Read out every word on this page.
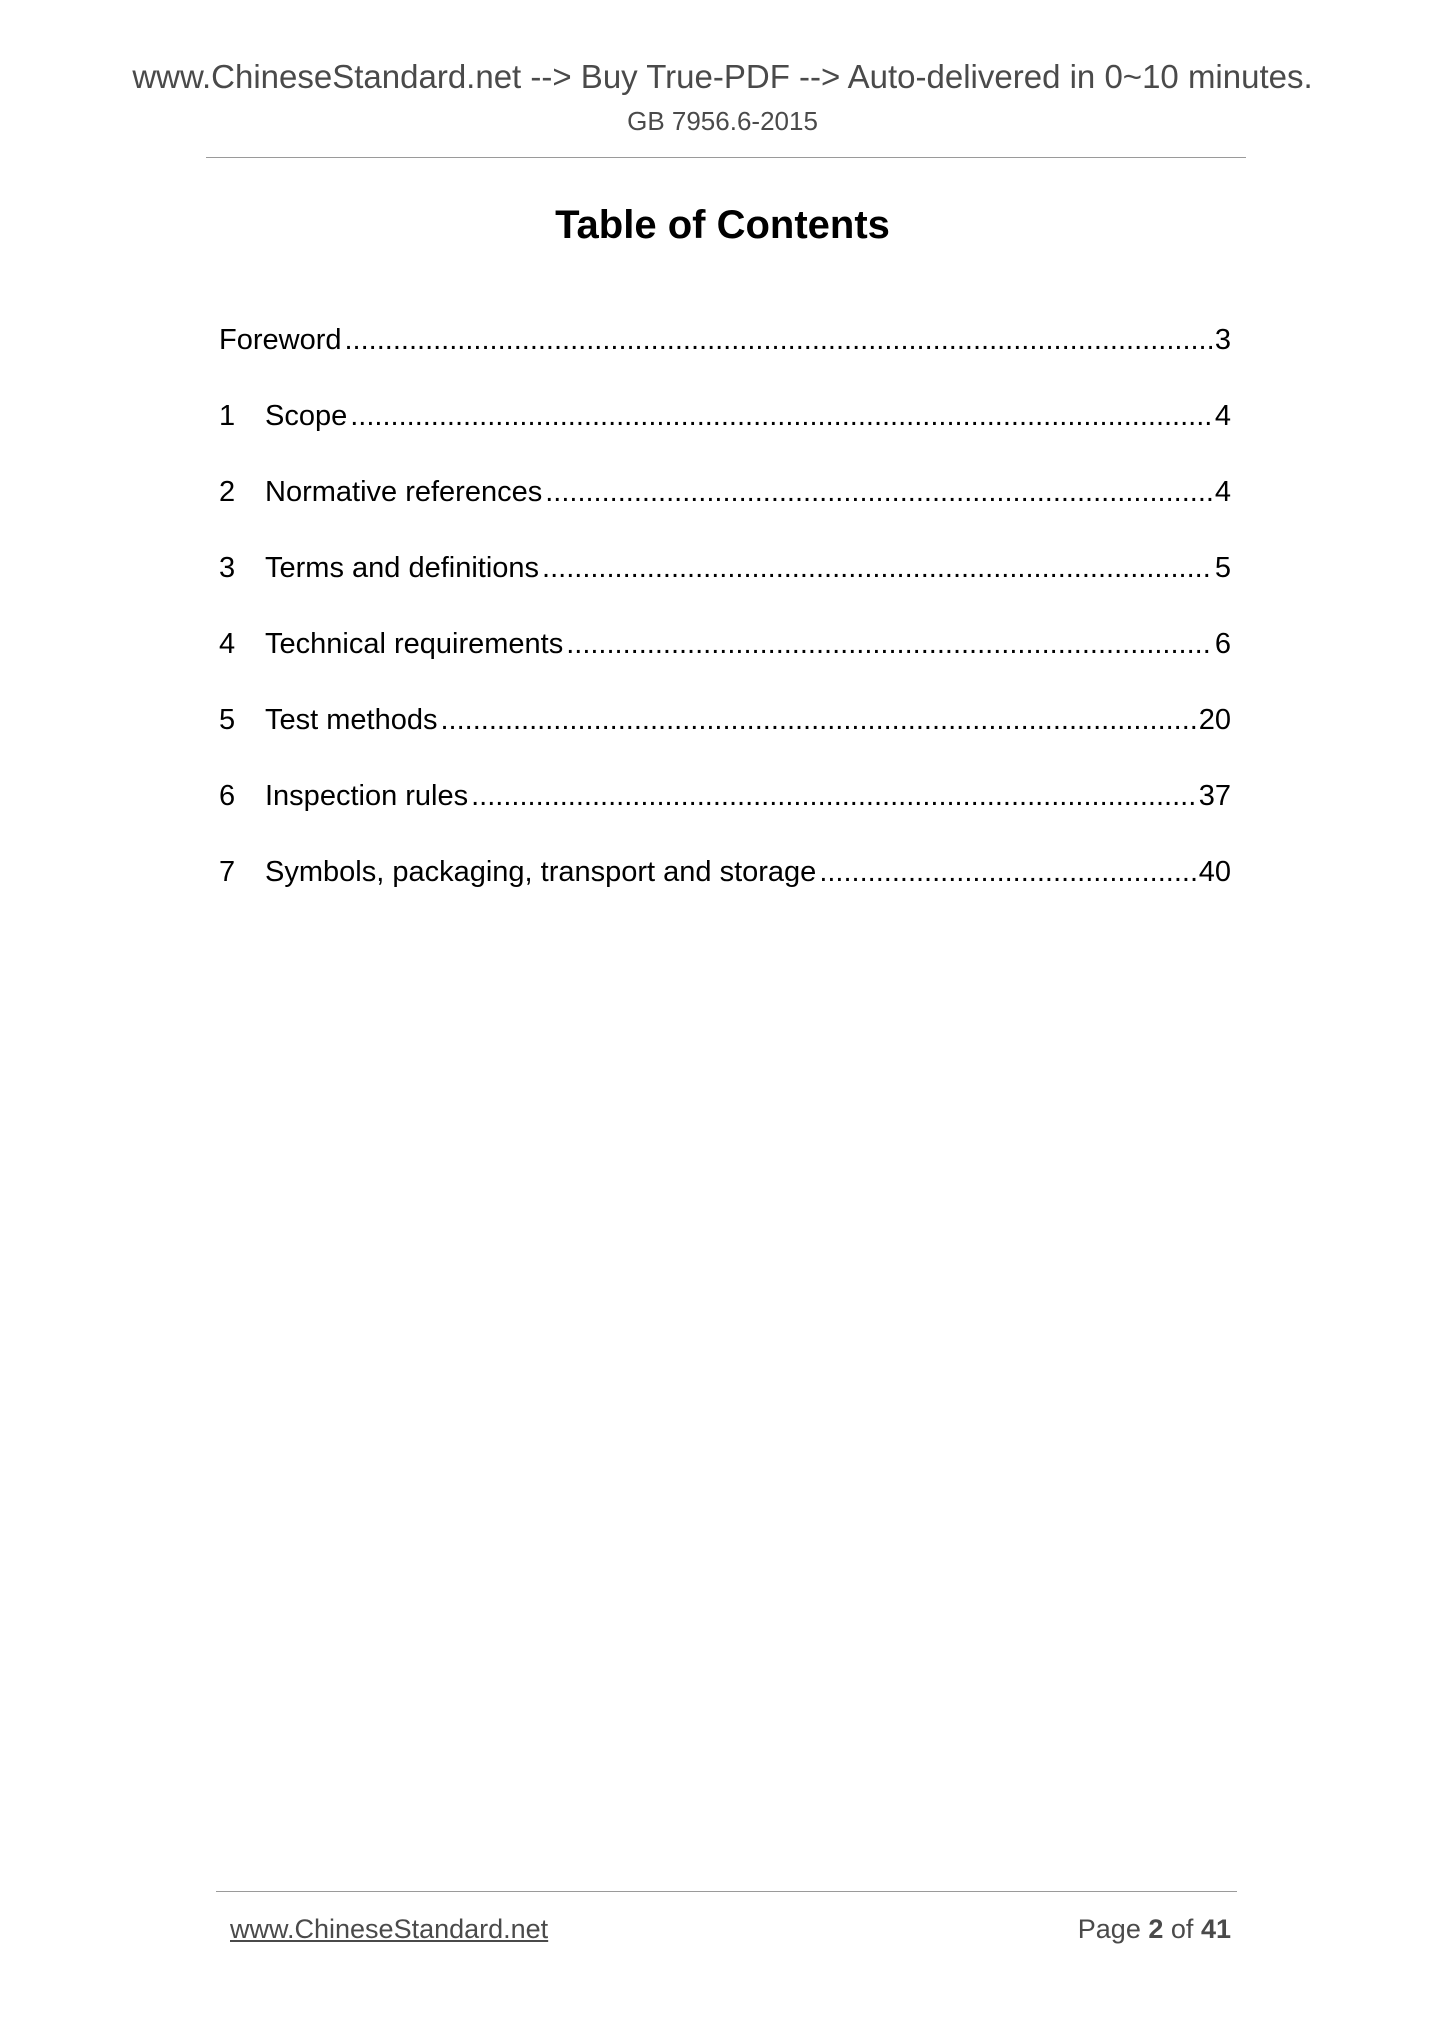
www.ChineseStandard.net --> Buy True-PDF --> Auto-delivered in 0~10 minutes.
GB 7956.6-2015
Table of Contents
Foreword .....	3
1	Scope .....	4
2	Normative references .....	4
3	Terms and definitions .....	5
4	Technical requirements .....	6
5	Test methods .....	20
6	Inspection rules .....	37
7	Symbols, packaging, transport and storage .....	40
www.ChineseStandard.net	Page 2 of 41
